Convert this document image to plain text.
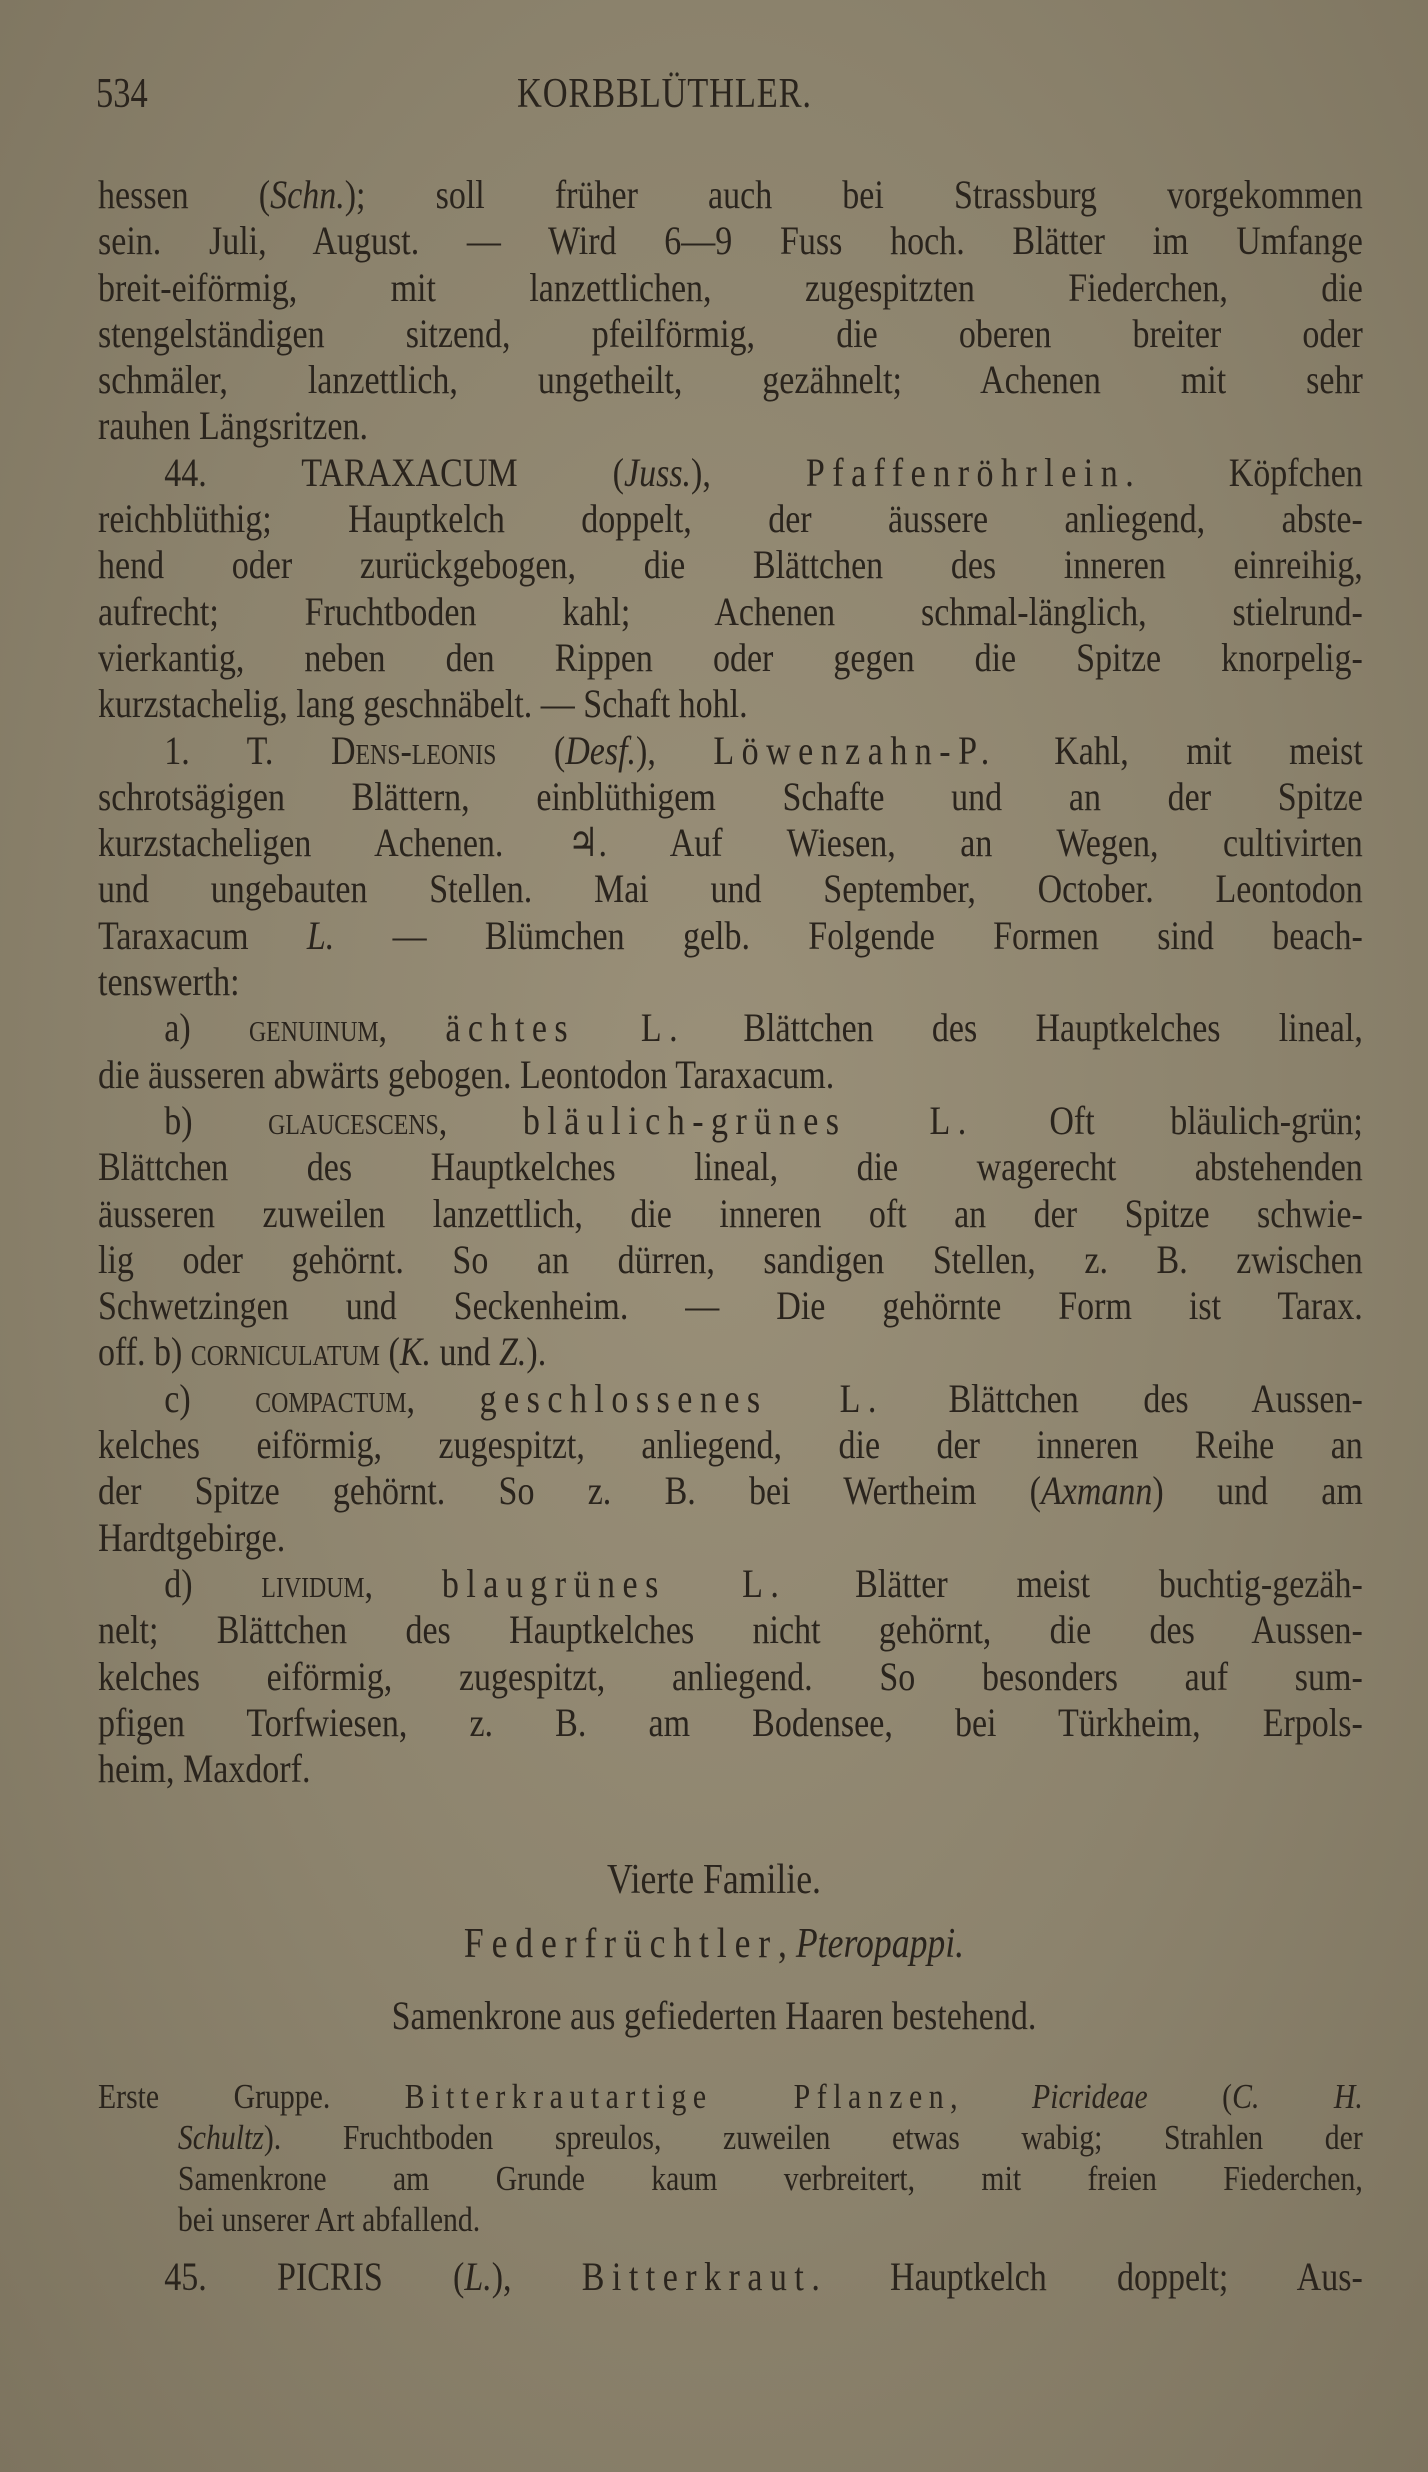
534	KORBBLÜTHLER.
hessen (Schn.); soll früher auch bei Strassburg vorgekommen
sein. Juli, August. — Wird 6—9 Fuss hoch. Blätter im Umfange
breit-eiförmig, mit lanzettlichen, zugespitzten Fiederchen, die
stengelständigen sitzend, pfeilförmig, die oberen breiter oder
schmäler, lanzettlich, ungetheilt, gezähnelt; Achenen mit sehr
rauhen Längsritzen.
44. TARAXACUM (Juss.), Pfaffenröhrlein. Köpfchen
reichblüthig; Hauptkelch doppelt, der äussere anliegend, abste-
hend oder zurückgebogen, die Blättchen des inneren einreihig,
aufrecht; Fruchtboden kahl; Achenen schmal-länglich, stielrund-
vierkantig, neben den Rippen oder gegen die Spitze knorpelig-
kurzstachelig, lang geschnäbelt. — Schaft hohl.
1. T. Dens-leonis (Desf.), Löwenzahn-P. Kahl, mit meist
schrotsägigen Blättern, einblüthigem Schafte und an der Spitze
kurzstacheligen Achenen. ♃. Auf Wiesen, an Wegen, cultivirten
und ungebauten Stellen. Mai und September, October. Leontodon
Taraxacum L. — Blümchen gelb. Folgende Formen sind beach-
tenswerth:
a) genuinum, ächtes L. Blättchen des Hauptkelches lineal,
die äusseren abwärts gebogen. Leontodon Taraxacum.
b) glaucescens, bläulich-grünes L. Oft bläulich-grün;
Blättchen des Hauptkelches lineal, die wagerecht abstehenden
äusseren zuweilen lanzettlich, die inneren oft an der Spitze schwie-
lig oder gehörnt. So an dürren, sandigen Stellen, z. B. zwischen
Schwetzingen und Seckenheim. — Die gehörnte Form ist Tarax.
off. b) corniculatum (K. und Z.).
c) compactum, geschlossenes L. Blättchen des Aussen-
kelches eiförmig, zugespitzt, anliegend, die der inneren Reihe an
der Spitze gehörnt. So z. B. bei Wertheim (Axmann) und am
Hardtgebirge.
d) lividum, blaugrünes L. Blätter meist buchtig-gezäh-
nelt; Blättchen des Hauptkelches nicht gehörnt, die des Aussen-
kelches eiförmig, zugespitzt, anliegend. So besonders auf sum-
pfigen Torfwiesen, z. B. am Bodensee, bei Türkheim, Erpols-
heim, Maxdorf.
Vierte Familie.
Federfrüchtler, Pteropappi.
Samenkrone aus gefiederten Haaren bestehend.
Erste Gruppe. Bitterkrautartige Pflanzen, Picrideae (C. H.
Schultz). Fruchtboden spreulos, zuweilen etwas wabig; Strahlen der
Samenkrone am Grunde kaum verbreitert, mit freien Fiederchen,
bei unserer Art abfallend.
45. PICRIS (L.), Bitterkraut. Hauptkelch doppelt; Aus-
